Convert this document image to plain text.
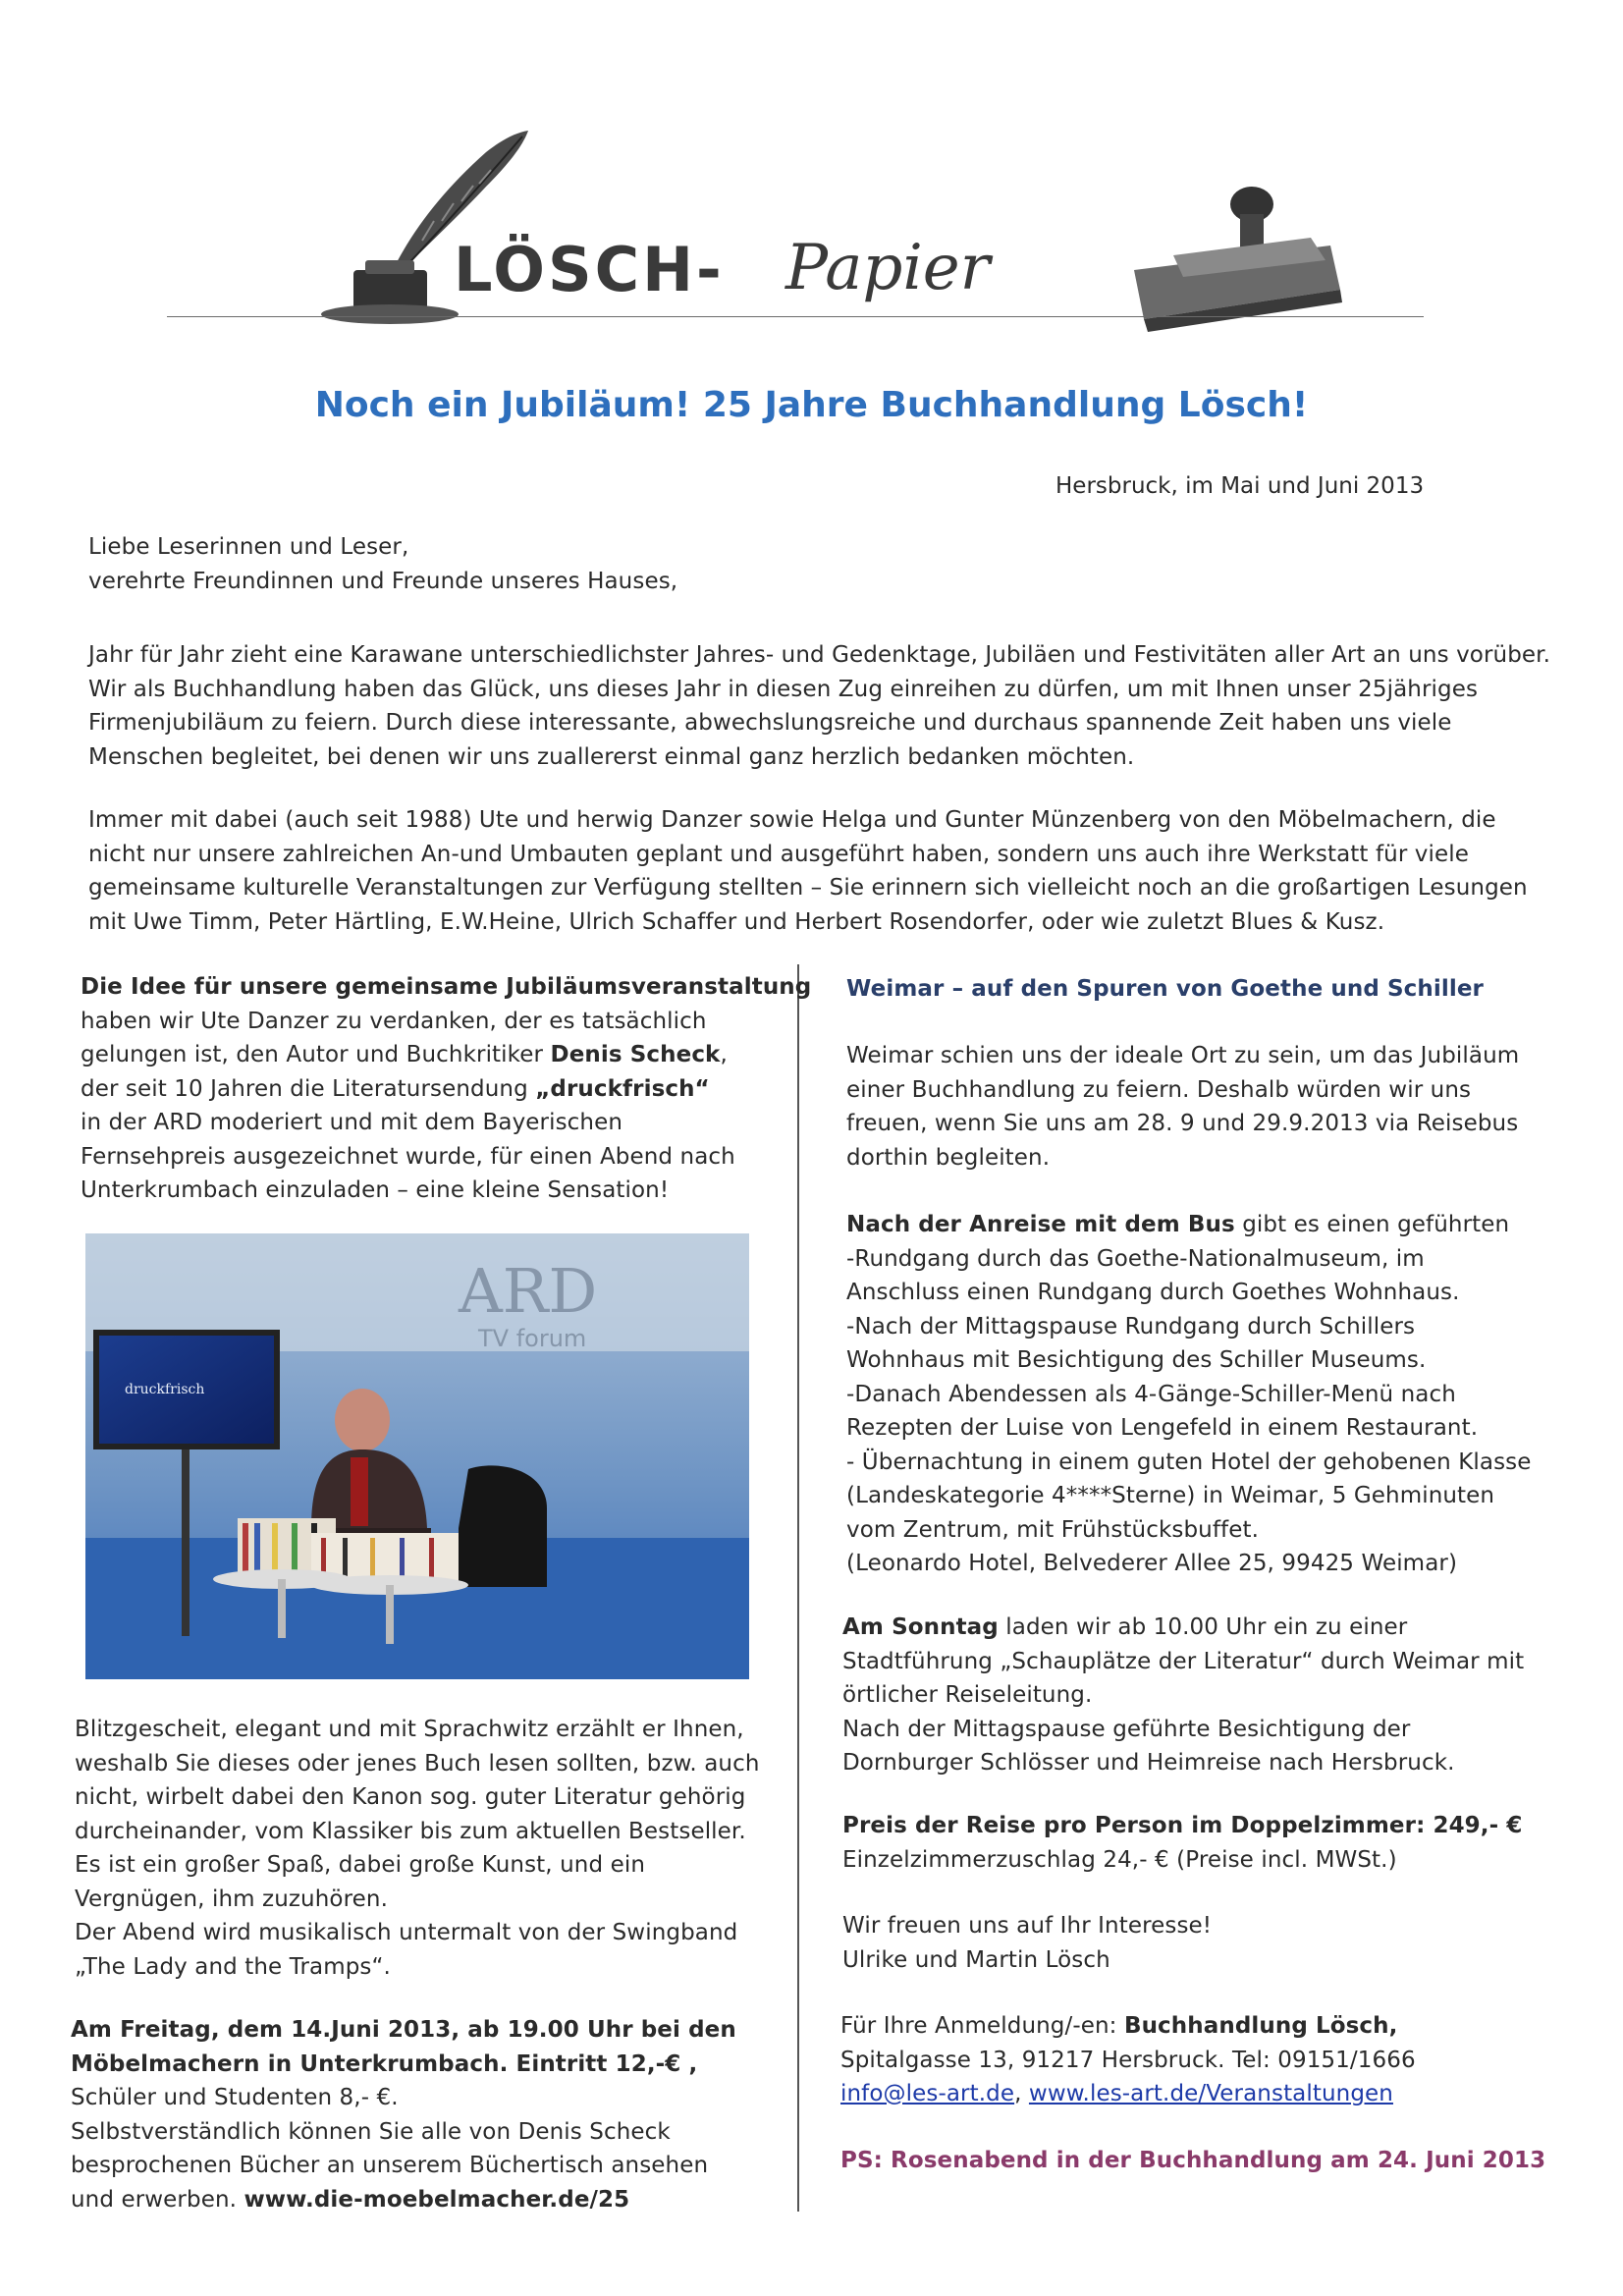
LÖSCH- Papier
Noch ein Jubiläum! 25 Jahre Buchhandlung Lösch!
Hersbruck, im Mai und Juni 2013
Liebe Leserinnen und Leser,
verehrte Freundinnen und Freunde unseres Hauses,
Jahr für Jahr zieht eine Karawane unterschiedlichster Jahres- und Gedenktage, Jubiläen und Festivitäten aller Art an uns vorüber.
Wir als Buchhandlung haben das Glück, uns dieses Jahr in diesen Zug einreihen zu dürfen, um mit Ihnen unser 25jähriges
Firmenjubiläum zu feiern. Durch diese interessante, abwechslungsreiche und durchaus spannende Zeit haben uns viele
Menschen begleitet, bei denen wir uns zuallererst einmal ganz herzlich bedanken möchten.
Immer mit dabei (auch seit 1988) Ute und herwig Danzer sowie Helga und Gunter Münzenberg von den Möbelmachern, die
nicht nur unsere zahlreichen An-und Umbauten geplant und ausgeführt haben, sondern uns auch ihre Werkstatt für viele
gemeinsame kulturelle Veranstaltungen zur Verfügung stellten – Sie erinnern sich vielleicht noch an die großartigen Lesungen
mit Uwe Timm, Peter Härtling, E.W.Heine, Ulrich Schaffer und Herbert Rosendorfer, oder wie zuletzt Blues & Kusz.
Die Idee für unsere gemeinsame Jubiläumsveranstaltung
haben wir Ute Danzer zu verdanken, der es tatsächlich
gelungen ist, den Autor und Buchkritiker Denis Scheck,
der seit 10 Jahren die Literatursendung „druckfrisch“
in der ARD moderiert und mit dem Bayerischen
Fernsehpreis ausgezeichnet wurde, für einen Abend nach
Unterkrumbach einzuladen – eine kleine Sensation!
ARD
TV forum
druckfrisch
Blitzgescheit, elegant und mit Sprachwitz erzählt er Ihnen,
weshalb Sie dieses oder jenes Buch lesen sollten, bzw. auch
nicht, wirbelt dabei den Kanon sog. guter Literatur gehörig
durcheinander, vom Klassiker bis zum aktuellen Bestseller.
Es ist ein großer Spaß, dabei große Kunst, und ein
Vergnügen, ihm zuzuhören.
Der Abend wird musikalisch untermalt von der Swingband
„The Lady and the Tramps“.
Am Freitag, dem 14.Juni 2013, ab 19.00 Uhr bei den
Möbelmachern in Unterkrumbach. Eintritt 12,-€ ,
Schüler und Studenten 8,- €.
Selbstverständlich können Sie alle von Denis Scheck
besprochenen Bücher an unserem Büchertisch ansehen
und erwerben. www.die-moebelmacher.de/25
Weimar – auf den Spuren von Goethe und Schiller
Weimar schien uns der ideale Ort zu sein, um das Jubiläum
einer Buchhandlung zu feiern. Deshalb würden wir uns
freuen, wenn Sie uns am 28. 9 und 29.9.2013 via Reisebus
dorthin begleiten.
Nach der Anreise mit dem Bus gibt es einen geführten
-Rundgang durch das Goethe-Nationalmuseum, im
Anschluss einen Rundgang durch Goethes Wohnhaus.
-Nach der Mittagspause Rundgang durch Schillers
Wohnhaus mit Besichtigung des Schiller Museums.
-Danach Abendessen als 4-Gänge-Schiller-Menü nach
Rezepten der Luise von Lengefeld in einem Restaurant.
- Übernachtung in einem guten Hotel der gehobenen Klasse
(Landeskategorie 4****Sterne) in Weimar, 5 Gehminuten
vom Zentrum, mit Frühstücksbuffet.
(Leonardo Hotel, Belvederer Allee 25, 99425 Weimar)
Am Sonntag laden wir ab 10.00 Uhr ein zu einer
Stadtführung „Schauplätze der Literatur“ durch Weimar mit
örtlicher Reiseleitung.
Nach der Mittagspause geführte Besichtigung der
Dornburger Schlösser und Heimreise nach Hersbruck.
Preis der Reise pro Person im Doppelzimmer: 249,- €
Einzelzimmerzuschlag 24,- € (Preise incl. MWSt.)
Wir freuen uns auf Ihr Interesse!
Ulrike und Martin Lösch
Für Ihre Anmeldung/-en: Buchhandlung Lösch,
Spitalgasse 13, 91217 Hersbruck. Tel: 09151/1666
info@les-art.de, www.les-art.de/Veranstaltungen
PS: Rosenabend in der Buchhandlung am 24. Juni 2013
